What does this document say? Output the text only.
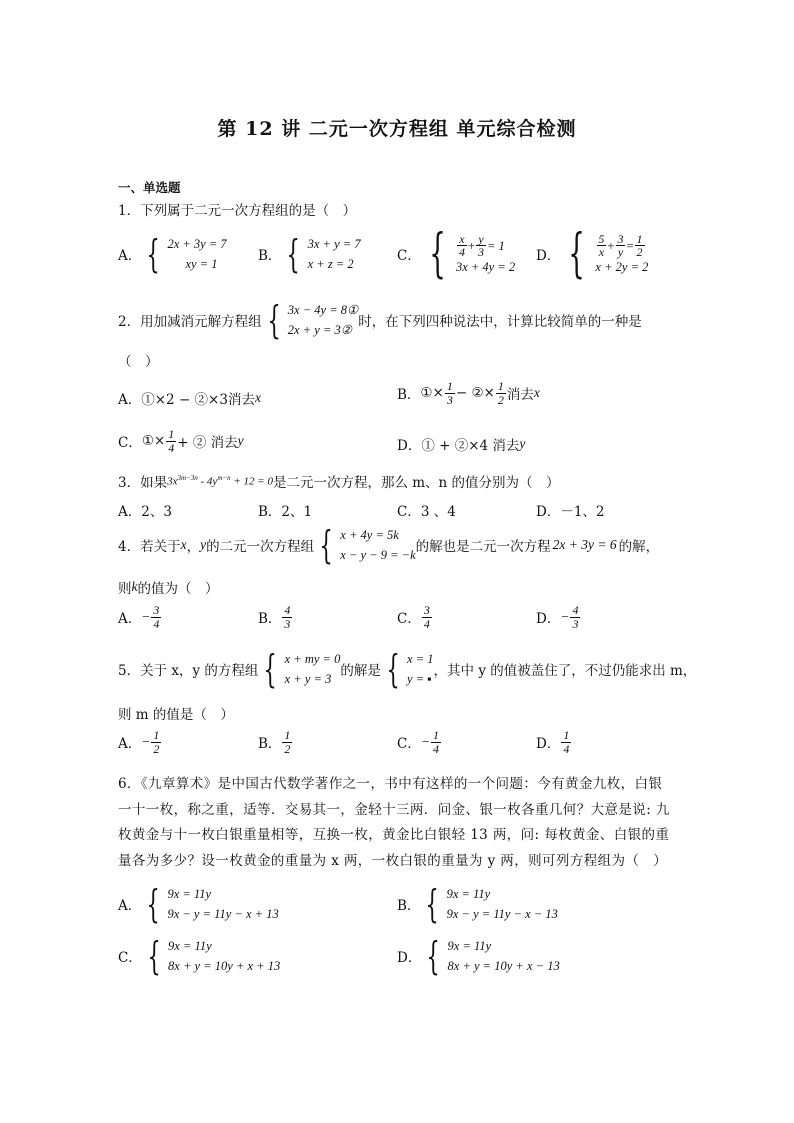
第 12 讲 二元一次方程组 单元综合检测
一、单选题
1．下列属于二元一次方程组的是（　）
A． { 2x + 3y = 7
xy = 1	B． { 3x + y = 7
x + z = 2	C． { $\frac{x}{4} + \frac{y}{3} = 1$
3x + 4y = 2
D． { $\frac{5}{x} + \frac{3}{y} = \frac{1}{2}$
x + 2y = 2
2．用加减消元解方程组 { 3x − 4y = 8①
2x + y = 3② 时，在下列四种说法中，计算比较简单的一种是
（　）
A． ①×2 − ②×3消去 x	B． ①× $\frac{1}{3}$ − ②× $\frac{1}{2}$ 消去 x
C． ①× $\frac{1}{4}$ + ② 消去 y	D． ① + ②×4 消去 y
3．如果 $3x^{3m-3n} - 4y^{m-n} + 12 = 0$ 是二元一次方程，那么 m、n 的值分别为（　）
A．2、3	B．2、1	C．3 、4	D．－1、2
4．若关于 x ， y 的二元一次方程组 { x + 4y = 5k
x − y − 9 = −k 的解也是二元一次方程 2x + 3y = 6 的解，
则 k 的值为（　）
A． − $\frac{3}{4}$	B． $\frac{4}{3}$	C． $\frac{3}{4}$	D． − $\frac{4}{3}$
5．关于 x，y 的方程组 { x + my = 0
x + y = 3 的解是 { x = 1
y = ▪ ，其中 y 的值被盖住了，不过仍能求出 m，
则 m 的值是（　）
A． − $\frac{1}{2}$	B． $\frac{1}{2}$	C． − $\frac{1}{4}$	D． $\frac{1}{4}$
6．《九章算术》是中国古代数学著作之一，书中有这样的一个问题：今有黄金九枚，白银
一十一枚，称之重，适等．交易其一，金轻十三两．问金、银一枚各重几何？大意是说: 九
枚黄金与十一枚白银重量相等，互换一枚，黄金比白银轻 13 两，问: 每枚黄金、白银的重
量各为多少？设一枚黄金的重量为 x 两，一枚白银的重量为 y 两，则可列方程组为（　）
A． { 9x = 11y
9x − y = 11y − x + 13	B． { 9x = 11y
9x − y = 11y − x − 13
C． { 9x = 11y
8x + y = 10y + x + 13	D． { 9x = 11y
8x + y = 10y + x − 13
